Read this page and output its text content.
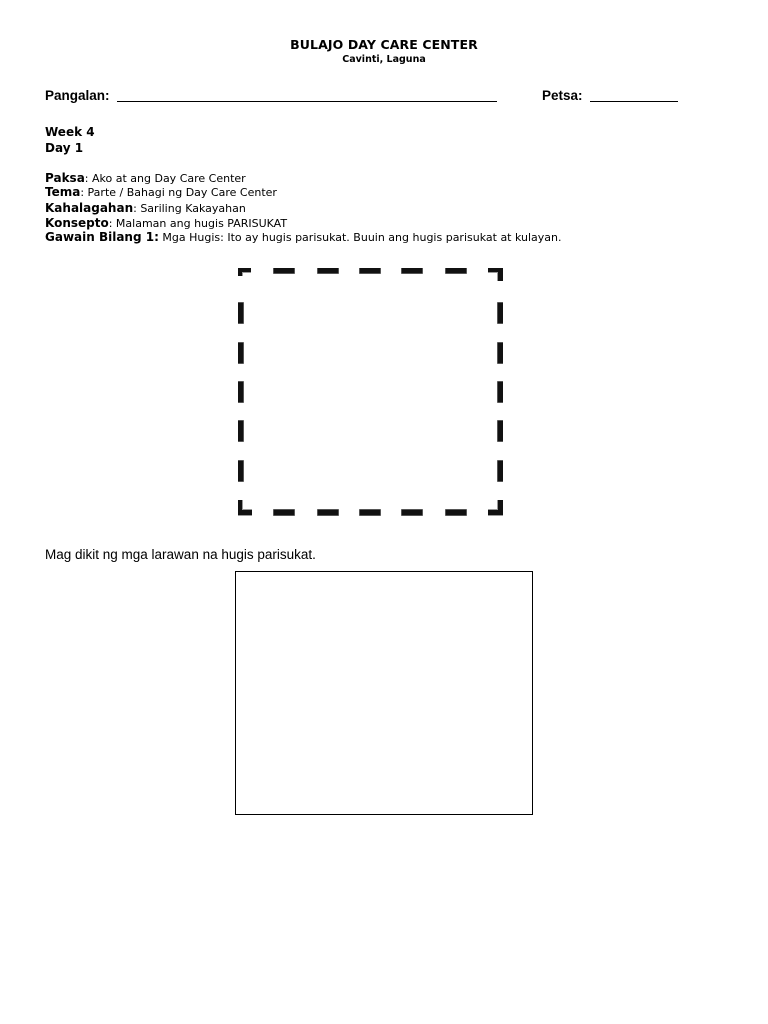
BULAJO DAY CARE CENTER
Cavinti, Laguna
Pangalan:	Petsa:
Week 4
Day 1
Paksa: Ako at ang Day Care Center
Tema: Parte / Bahagi ng Day Care Center
Kahalagahan: Sariling Kakayahan
Konsepto: Malaman ang hugis PARISUKAT
Gawain Bilang 1: Mga Hugis: Ito ay hugis parisukat. Buuin ang hugis parisukat at kulayan.
Mag dikit ng mga larawan na hugis parisukat.
